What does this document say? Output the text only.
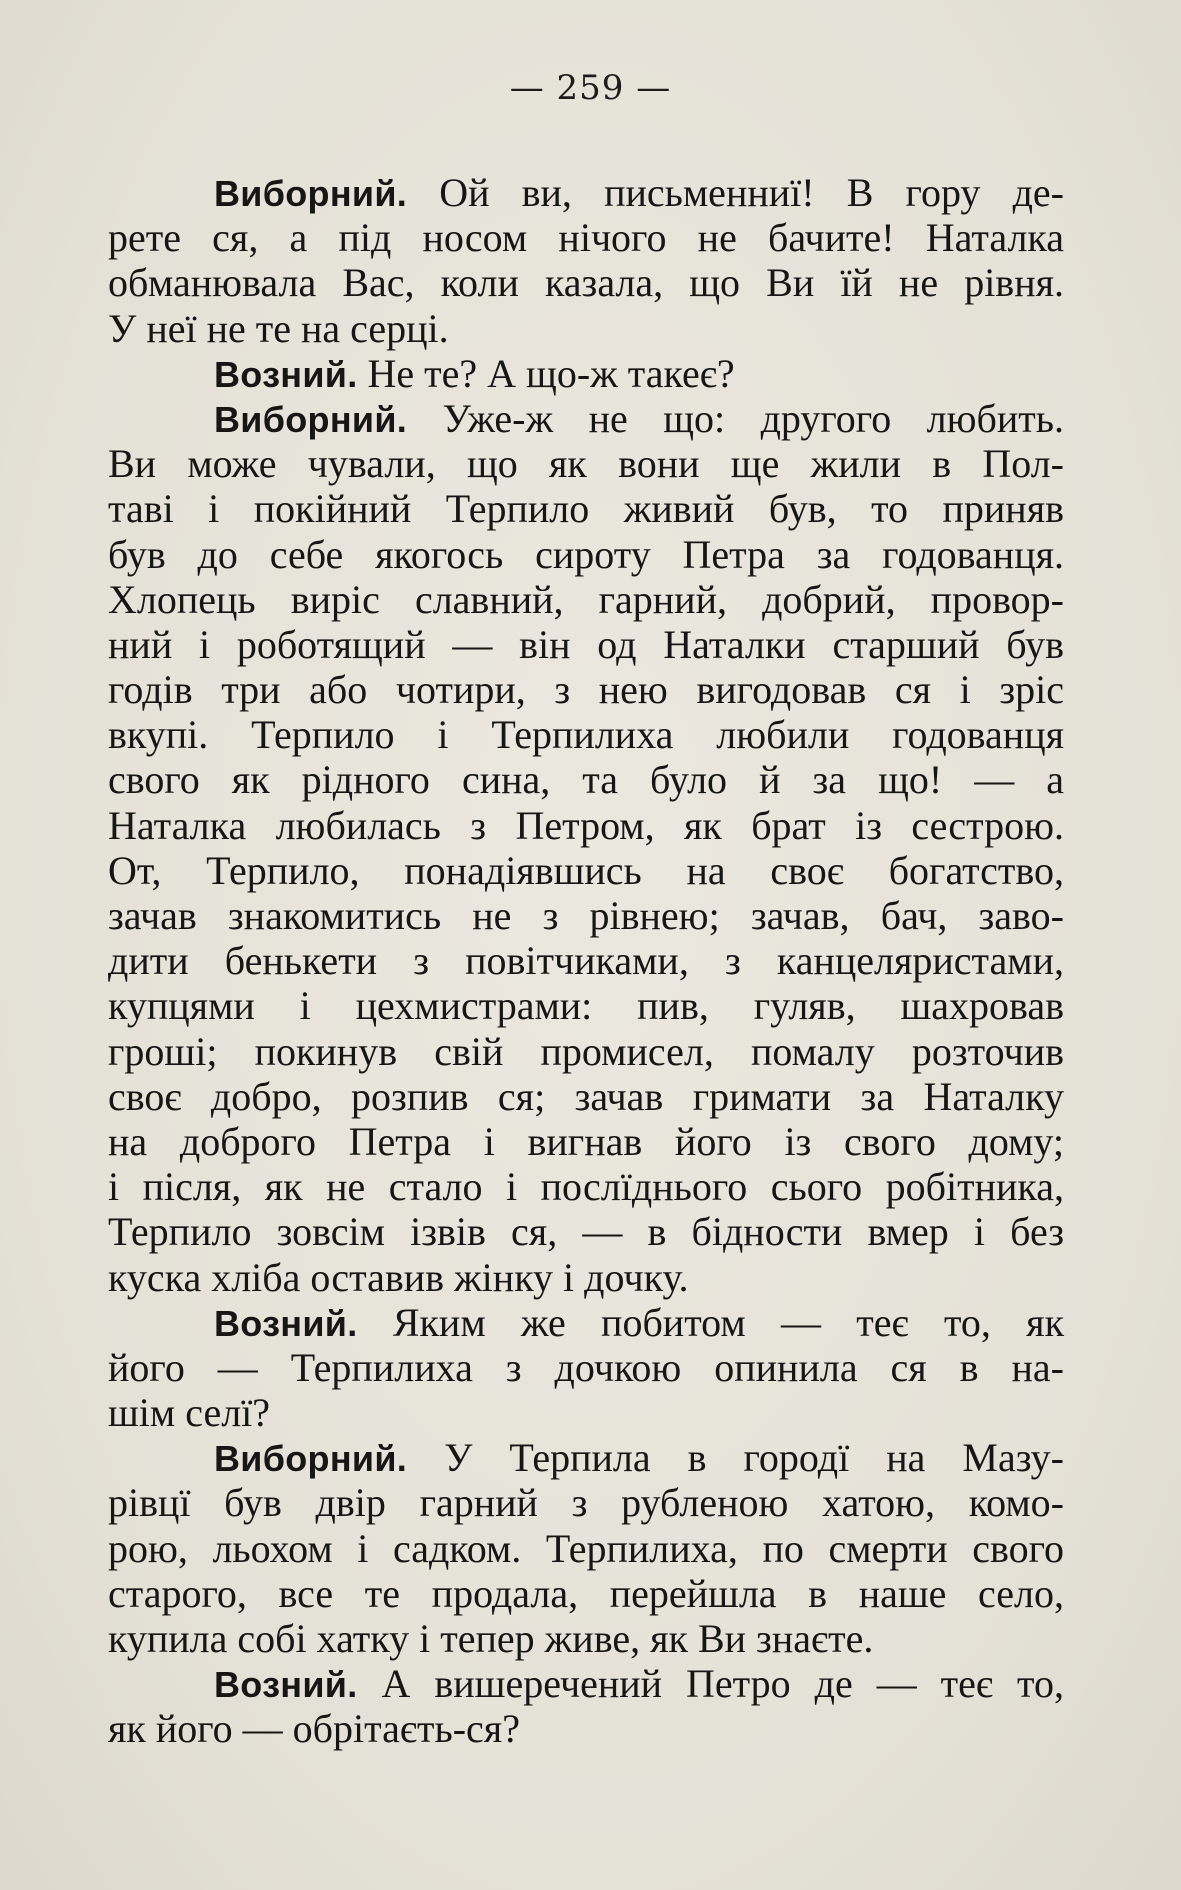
— 259 —
Виборний. Ой ви, письменниї! В гору де-
рете ся, а під носом нічого не бачите! Наталка
обманювала Вас, коли казала, що Ви їй не рівня.
У неї не те на серці.
Возний. Не те? А що-ж такеє?
Виборний. Уже-ж не що: другого любить.
Ви може чували, що як вони ще жили в Пол-
таві і покійний Терпило живий був, то приняв
був до себе якогось сироту Петра за годованця.
Хлопець виріс славний, гарний, добрий, провор-
ний і роботящий — він од Наталки старший був
годів три або чотири, з нею вигодовав ся і зріс
вкупі. Терпило і Терпилиха любили годованця
свого як рідного сина, та було й за що! — а
Наталка любилась з Петром, як брат із сестрою.
От, Терпило, понадіявшись на своє богатство,
зачав знакомитись не з рівнею; зачав, бач, заво-
дити бенькети з повітчиками, з канцеляристами,
купцями і цехмистрами: пив, гуляв, шахровав
гроші; покинув свій промисел, помалу розточив
своє добро, розпив ся; зачав гримати за Наталку
на доброго Петра і вигнав його із свого дому;
і після, як не стало і послїднього сього робітника,
Терпило зовсім ізвів ся, — в бідности вмер і без
куска хліба оставив жінку і дочку.
Возний. Яким же побитом — теє то, як
його — Терпилиха з дочкою опинила ся в на-
шім селї?
Виборний. У Терпила в городї на Мазу-
рівцї був двір гарний з рубленою хатою, комо-
рою, льохом і садком. Терпилиха, по смерти свого
старого, все те продала, перейшла в наше село,
купила собі хатку і тепер живе, як Ви знаєте.
Возний. А вишеречений Петро де — теє то,
як його — обрітаєть-ся?
